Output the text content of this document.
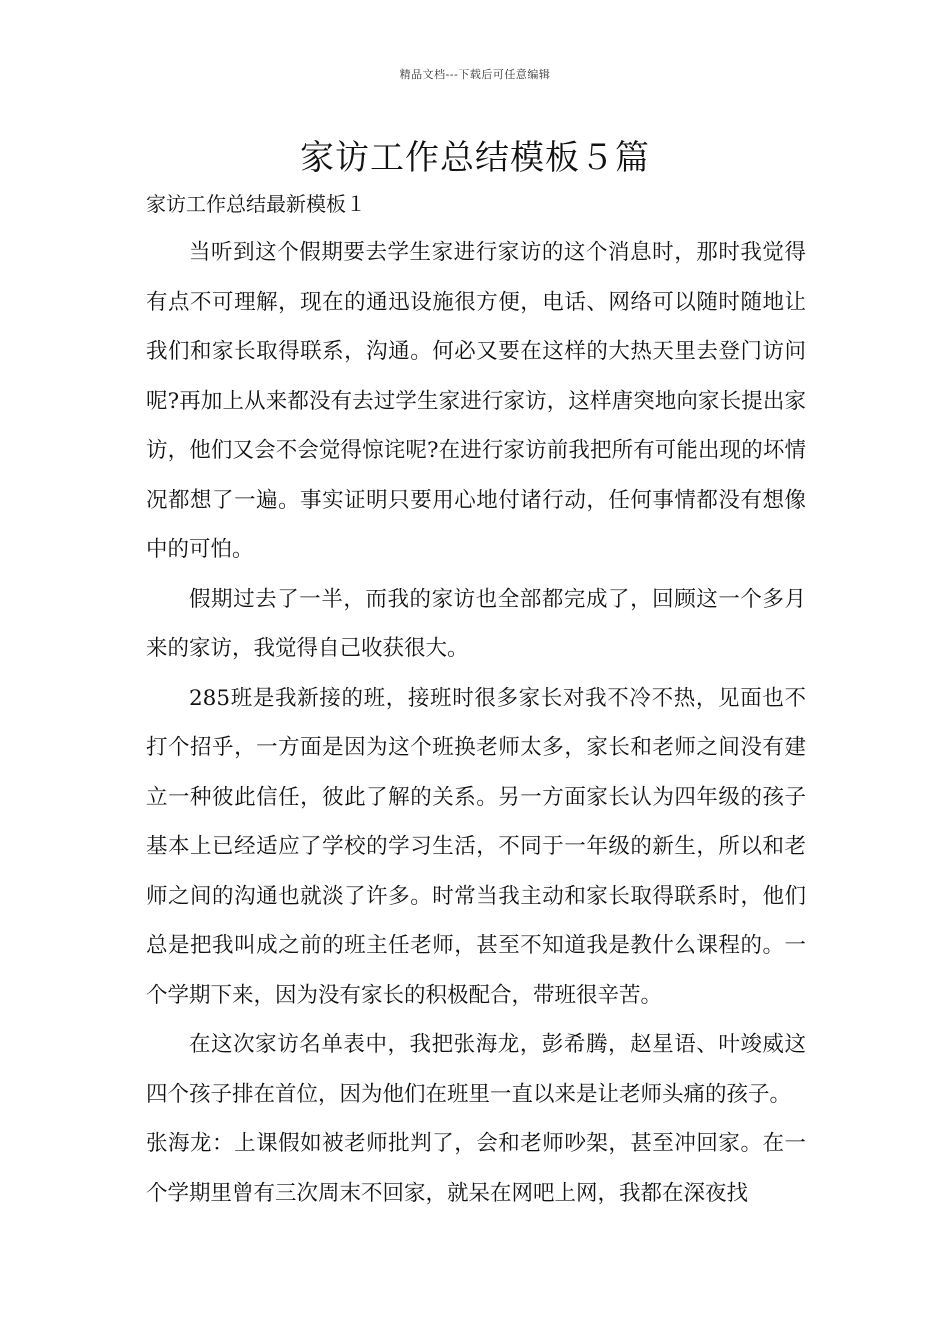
精品文档---下载后可任意编辑
家访工作总结模板５篇
家访工作总结最新模板１

当听到这个假期要去学生家进行家访的这个消息时，那时我觉得有点不可理解，现在的通迅设施很方便，电话、网络可以随时随地让我们和家长取得联系，沟通。何必又要在这样的大热天里去登门访问呢?再加上从来都没有去过学生家进行家访，这样唐突地向家长提出家访，他们又会不会觉得惊诧呢?在进行家访前我把所有可能出现的坏情况都想了一遍。事实证明只要用心地付诸行动，任何事情都没有想像中的可怕。

假期过去了一半，而我的家访也全部都完成了，回顾这一个多月来的家访，我觉得自己收获很大。

285班是我新接的班，接班时很多家长对我不冷不热，见面也不打个招乎，一方面是因为这个班换老师太多，家长和老师之间没有建立一种彼此信任，彼此了解的关系。另一方面家长认为四年级的孩子基本上已经适应了学校的学习生活，不同于一年级的新生，所以和老师之间的沟通也就淡了许多。时常当我主动和家长取得联系时，他们总是把我叫成之前的班主任老师，甚至不知道我是教什么课程的。一个学期下来，因为没有家长的积极配合，带班很辛苦。

在这次家访名单表中，我把张海龙，彭希腾，赵星语、叶竣威这四个孩子排在首位，因为他们在班里一直以来是让老师头痛的孩子。

张海龙：上课假如被老师批判了，会和老师吵架，甚至冲回家。在一个学期里曾有三次周末不回家，就呆在网吧上网，我都在深夜找
